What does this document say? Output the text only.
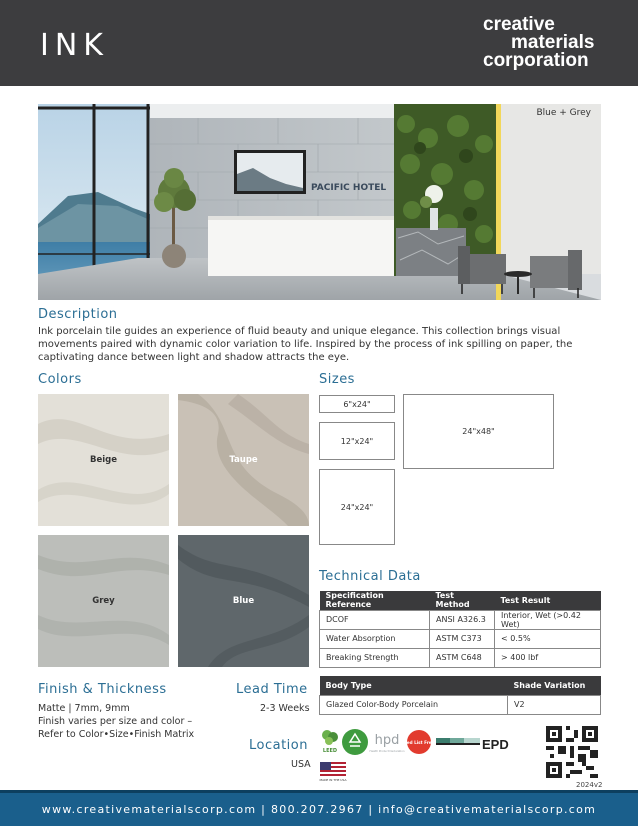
INK
creative
materials
corporation
PACIFIC HOTEL
Blue + Grey
Description
Ink porcelain tile guides an experience of fluid beauty and unique elegance. This collection brings visual movements paired with dynamic color variation to life. Inspired by the process of ink spilling on paper, the captivating dance between light and shadow attracts the eye.
Colors
Beige	Taupe
Grey	Blue
Sizes
6"x24"
12"x24"
24"x24"
24"x48"
Technical Data
Specification Reference	Test Method	Test Result
DCOF	ANSI A326.3	Interior, Wet (>0.42 Wet)
Water Absorption	ASTM C373	< 0.5%
Breaking Strength	ASTM C648	> 400 lbf
Body Type	Shade Variation
Glazed Color-Body Porcelain	V2
Finish & Thickness
Matte | 7mm, 9mm
Finish varies per size and color –
Refer to Color•Size•Finish Matrix
Lead Time
2-3 Weeks
Location
USA
MADE IN THE USA
LEED
hpd
Health Product Declaration
Red List Free	EPD
2024v2
www.creativematerialscorp.com | 800.207.2967 | info@creativematerialscorp.com
